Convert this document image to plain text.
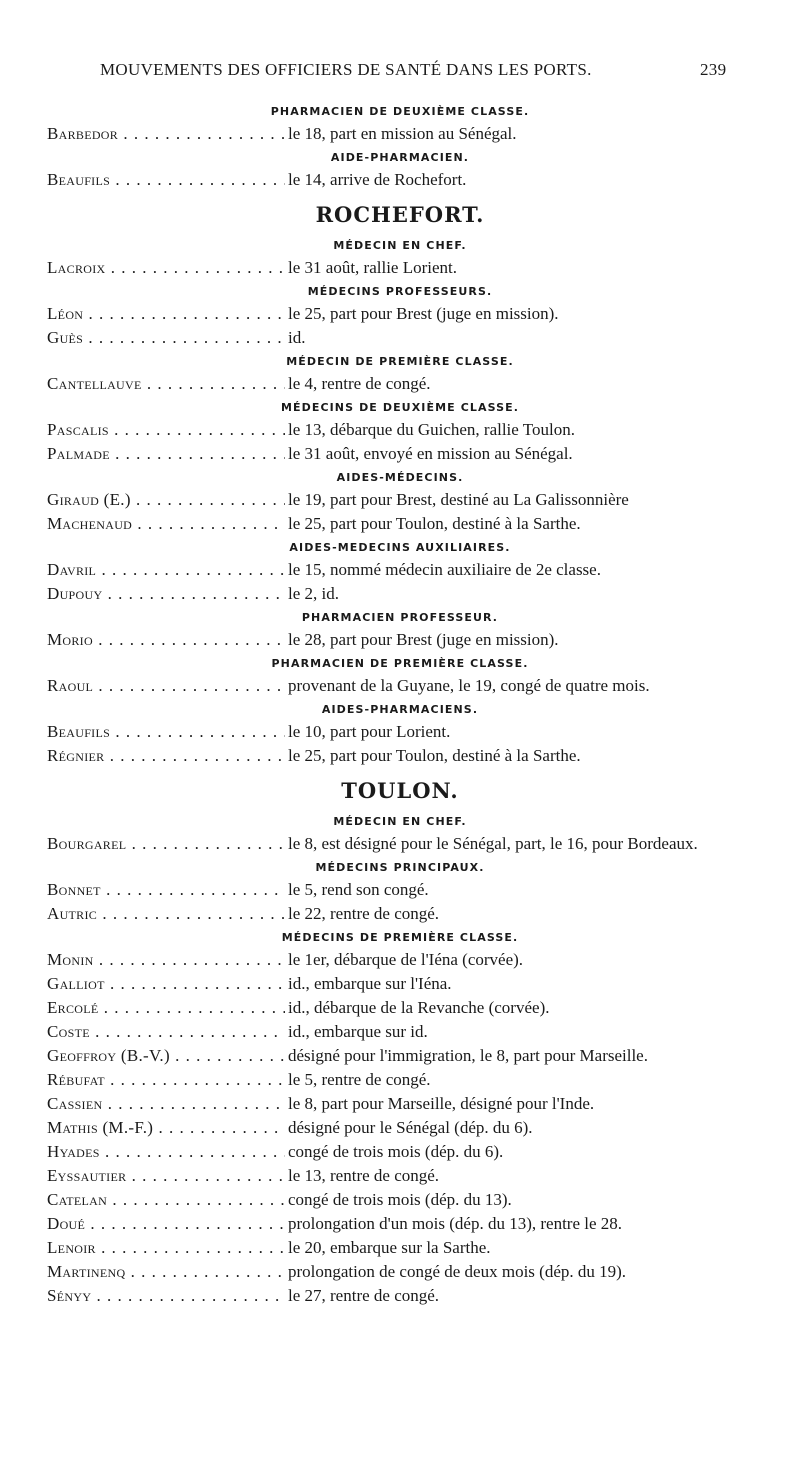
MOUVEMENTS DES OFFICIERS DE SANTÉ DANS LES PORTS.	239
PHARMACIEN DE DEUXIÈME CLASSE.
Barbedor . . .	le 18, part en mission au Sénégal.
AIDE-PHARMACIEN.
Beaufils . . .	le 14, arrive de Rochefort.
ROCHEFORT.
MÉDECIN EN CHEF.
Lacroix . . .	le 31 août, rallie Lorient.
MÉDECINS PROFESSEURS.
Léon . . .	le 25, part pour Brest (juge en mission).
Guès . . .	id.
MÉDECIN DE PREMIÈRE CLASSE.
Cantellauve . . .	le 4, rentre de congé.
MÉDECINS DE DEUXIÈME CLASSE.
Pascalis . . .	le 13, débarque du Guichen, rallie Toulon.
Palmade . . .	le 31 août, envoyé en mission au Sénégal.
AIDES-MÉDECINS.
Giraud (E.) . . .	le 19, part pour Brest, destiné au La Galissonnière
Machenaud . . .	le 25, part pour Toulon, destiné à la Sarthe.
AIDES-MEDECINS AUXILIAIRES.
Davril . . .	le 15, nommé médecin auxiliaire de 2e classe.
Dupouy . . .	le 2, id.
PHARMACIEN PROFESSEUR.
Morio . . .	le 28, part pour Brest (juge en mission).
PHARMACIEN DE PREMIÈRE CLASSE.
Raoul . . .	provenant de la Guyane, le 19, congé de quatre mois.
AIDES-PHARMACIENS.
Beaufils . . .	le 10, part pour Lorient.
Régnier . . .	le 25, part pour Toulon, destiné à la Sarthe.
TOULON.
MÉDECIN EN CHEF.
Bourgarel . . .	le 8, est désigné pour le Sénégal, part, le 16, pour Bordeaux.
MÉDECINS PRINCIPAUX.
Bonnet . . .	le 5, rend son congé.
Autric . . .	le 22, rentre de congé.
MÉDECINS DE PREMIÈRE CLASSE.
Monin . . .	le 1er, débarque de l'Iéna (corvée).
Galliot . . .	id., embarque sur l'Iéna.
Ercolé . . .	id., débarque de la Revanche (corvée).
Coste . . .	id., embarque sur id.
Geoffroy (B.-V.) . . .	désigné pour l'immigration, le 8, part pour Marseille.
Rébufat . . .	le 5, rentre de congé.
Cassien . . .	le 8, part pour Marseille, désigné pour l'Inde.
Mathis (M.-F.) . . .	désigné pour le Sénégal (dép. du 6).
Hyades . . .	congé de trois mois (dép. du 6).
Eyssautier . . .	le 13, rentre de congé.
Catelan . . .	congé de trois mois (dép. du 13).
Doué . . .	prolongation d'un mois (dép. du 13), rentre le 28.
Lenoir . . .	le 20, embarque sur la Sarthe.
Martinenq . . .	prolongation de congé de deux mois (dép. du 19).
Sényy . . .	le 27, rentre de congé.
